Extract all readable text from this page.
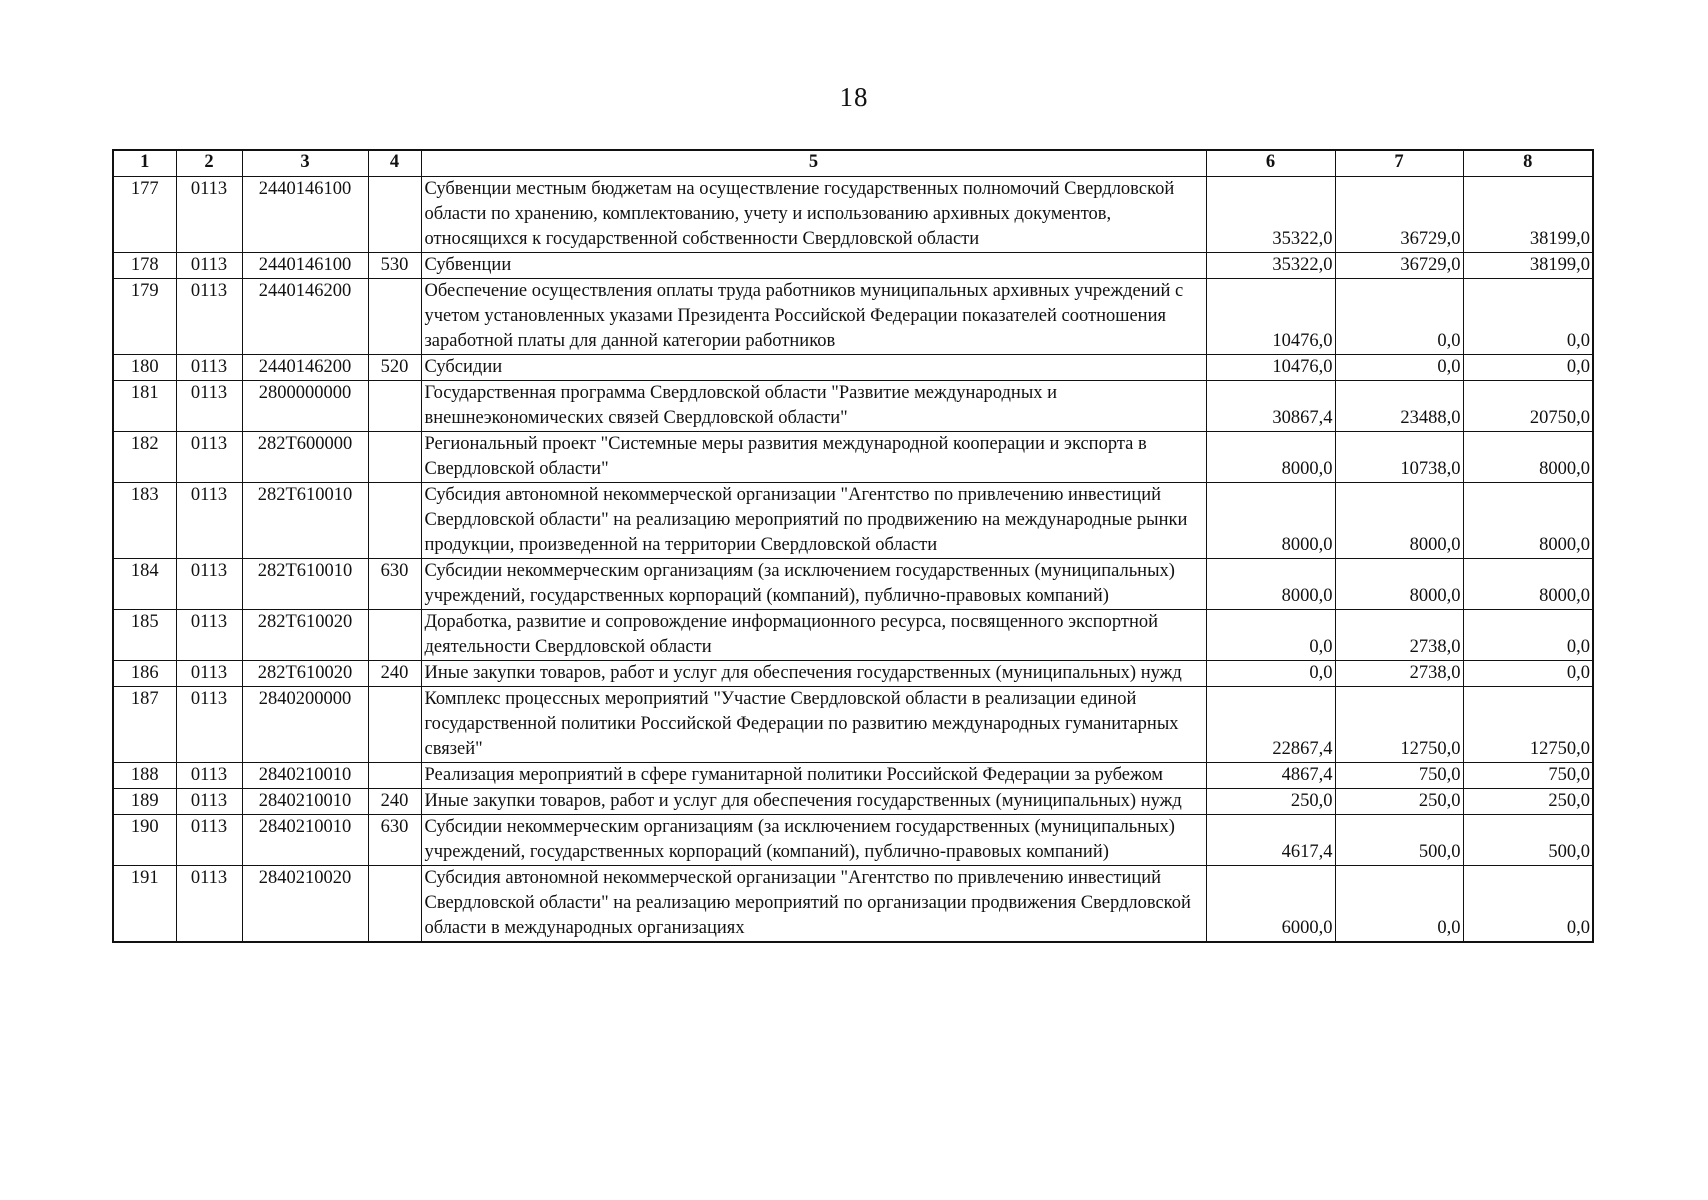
18
1	2	3	4	5	6	7	8
177	0113	2440146100		Субвенции местным бюджетам на осуществление государственных полномочий Свердловской области по хранению, комплектованию, учету и использованию архивных документов, относящихся к государственной собственности Свердловской области	35322,0	36729,0	38199,0
178	0113	2440146100	530	Субвенции	35322,0	36729,0	38199,0
179	0113	2440146200		Обеспечение осуществления оплаты труда работников муниципальных архивных учреждений с учетом установленных указами Президента Российской Федерации показателей соотношения заработной платы для данной категории работников	10476,0	0,0	0,0
180	0113	2440146200	520	Субсидии	10476,0	0,0	0,0
181	0113	2800000000		Государственная программа Свердловской области "Развитие международных и внешнеэкономических связей Свердловской области"	30867,4	23488,0	20750,0
182	0113	282Т600000		Региональный проект "Системные меры развития международной кооперации и экспорта в Свердловской области"	8000,0	10738,0	8000,0
183	0113	282Т610010		Субсидия автономной некоммерческой организации "Агентство по привлечению инвестиций Свердловской области" на реализацию мероприятий по продвижению на международные рынки продукции, произведенной на территории Свердловской области	8000,0	8000,0	8000,0
184	0113	282Т610010	630	Субсидии некоммерческим организациям (за исключением государственных (муниципальных) учреждений, государственных корпораций (компаний), публично-правовых компаний)	8000,0	8000,0	8000,0
185	0113	282Т610020		Доработка, развитие и сопровождение информационного ресурса, посвященного экспортной деятельности Свердловской области	0,0	2738,0	0,0
186	0113	282Т610020	240	Иные закупки товаров, работ и услуг для обеспечения государственных (муниципальных) нужд	0,0	2738,0	0,0
187	0113	2840200000		Комплекс процессных мероприятий "Участие Свердловской области в реализации единой государственной политики Российской Федерации по развитию международных гуманитарных связей"	22867,4	12750,0	12750,0
188	0113	2840210010		Реализация мероприятий в сфере гуманитарной политики Российской Федерации за рубежом	4867,4	750,0	750,0
189	0113	2840210010	240	Иные закупки товаров, работ и услуг для обеспечения государственных (муниципальных) нужд	250,0	250,0	250,0
190	0113	2840210010	630	Субсидии некоммерческим организациям (за исключением государственных (муниципальных) учреждений, государственных корпораций (компаний), публично-правовых компаний)	4617,4	500,0	500,0
191	0113	2840210020		Субсидия автономной некоммерческой организации "Агентство по привлечению инвестиций Свердловской области" на реализацию мероприятий по организации продвижения Свердловской области в международных организациях	6000,0	0,0	0,0
